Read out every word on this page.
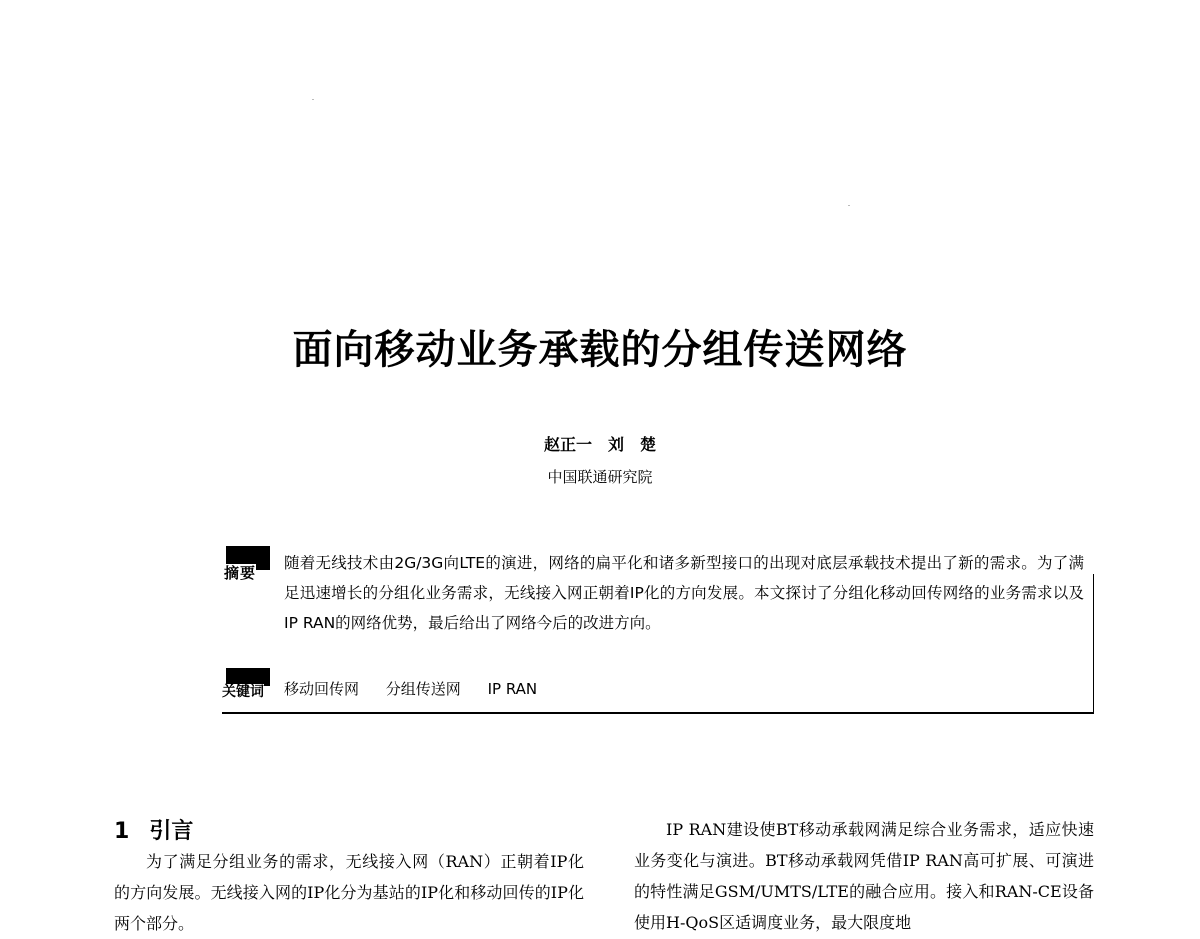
面向移动业务承载的分组传送网络
赵正一　刘　楚
中国联通研究院
摘要
随着无线技术由2G/3G向LTE的演进，网络的扁平化和诸多新型接口的出现对底层承载技术提出了新的需求。为了满足迅速增长的分组化业务需求，无线接入网正朝着IP化的方向发展。本文探讨了分组化移动回传网络的业务需求以及IP RAN的网络优势，最后给出了网络今后的改进方向。
关键词 移动回传网 分组传送网 IP RAN
1 引言

为了满足分组业务的需求，无线接入网（RAN）正朝着IP化的方向发展。无线接入网的IP化分为基站的IP化和移动回传的IP化两个部分。

IP RAN建设使BT移动承载网满足综合业务需求，适应快速业务变化与演进。BT移动承载网凭借IP RAN高可扩展、可演进的特性满足GSM/UMTS/LTE的融合应用。接入和RAN-CE设备使用H-QoS区适调度业务，最大限度地
